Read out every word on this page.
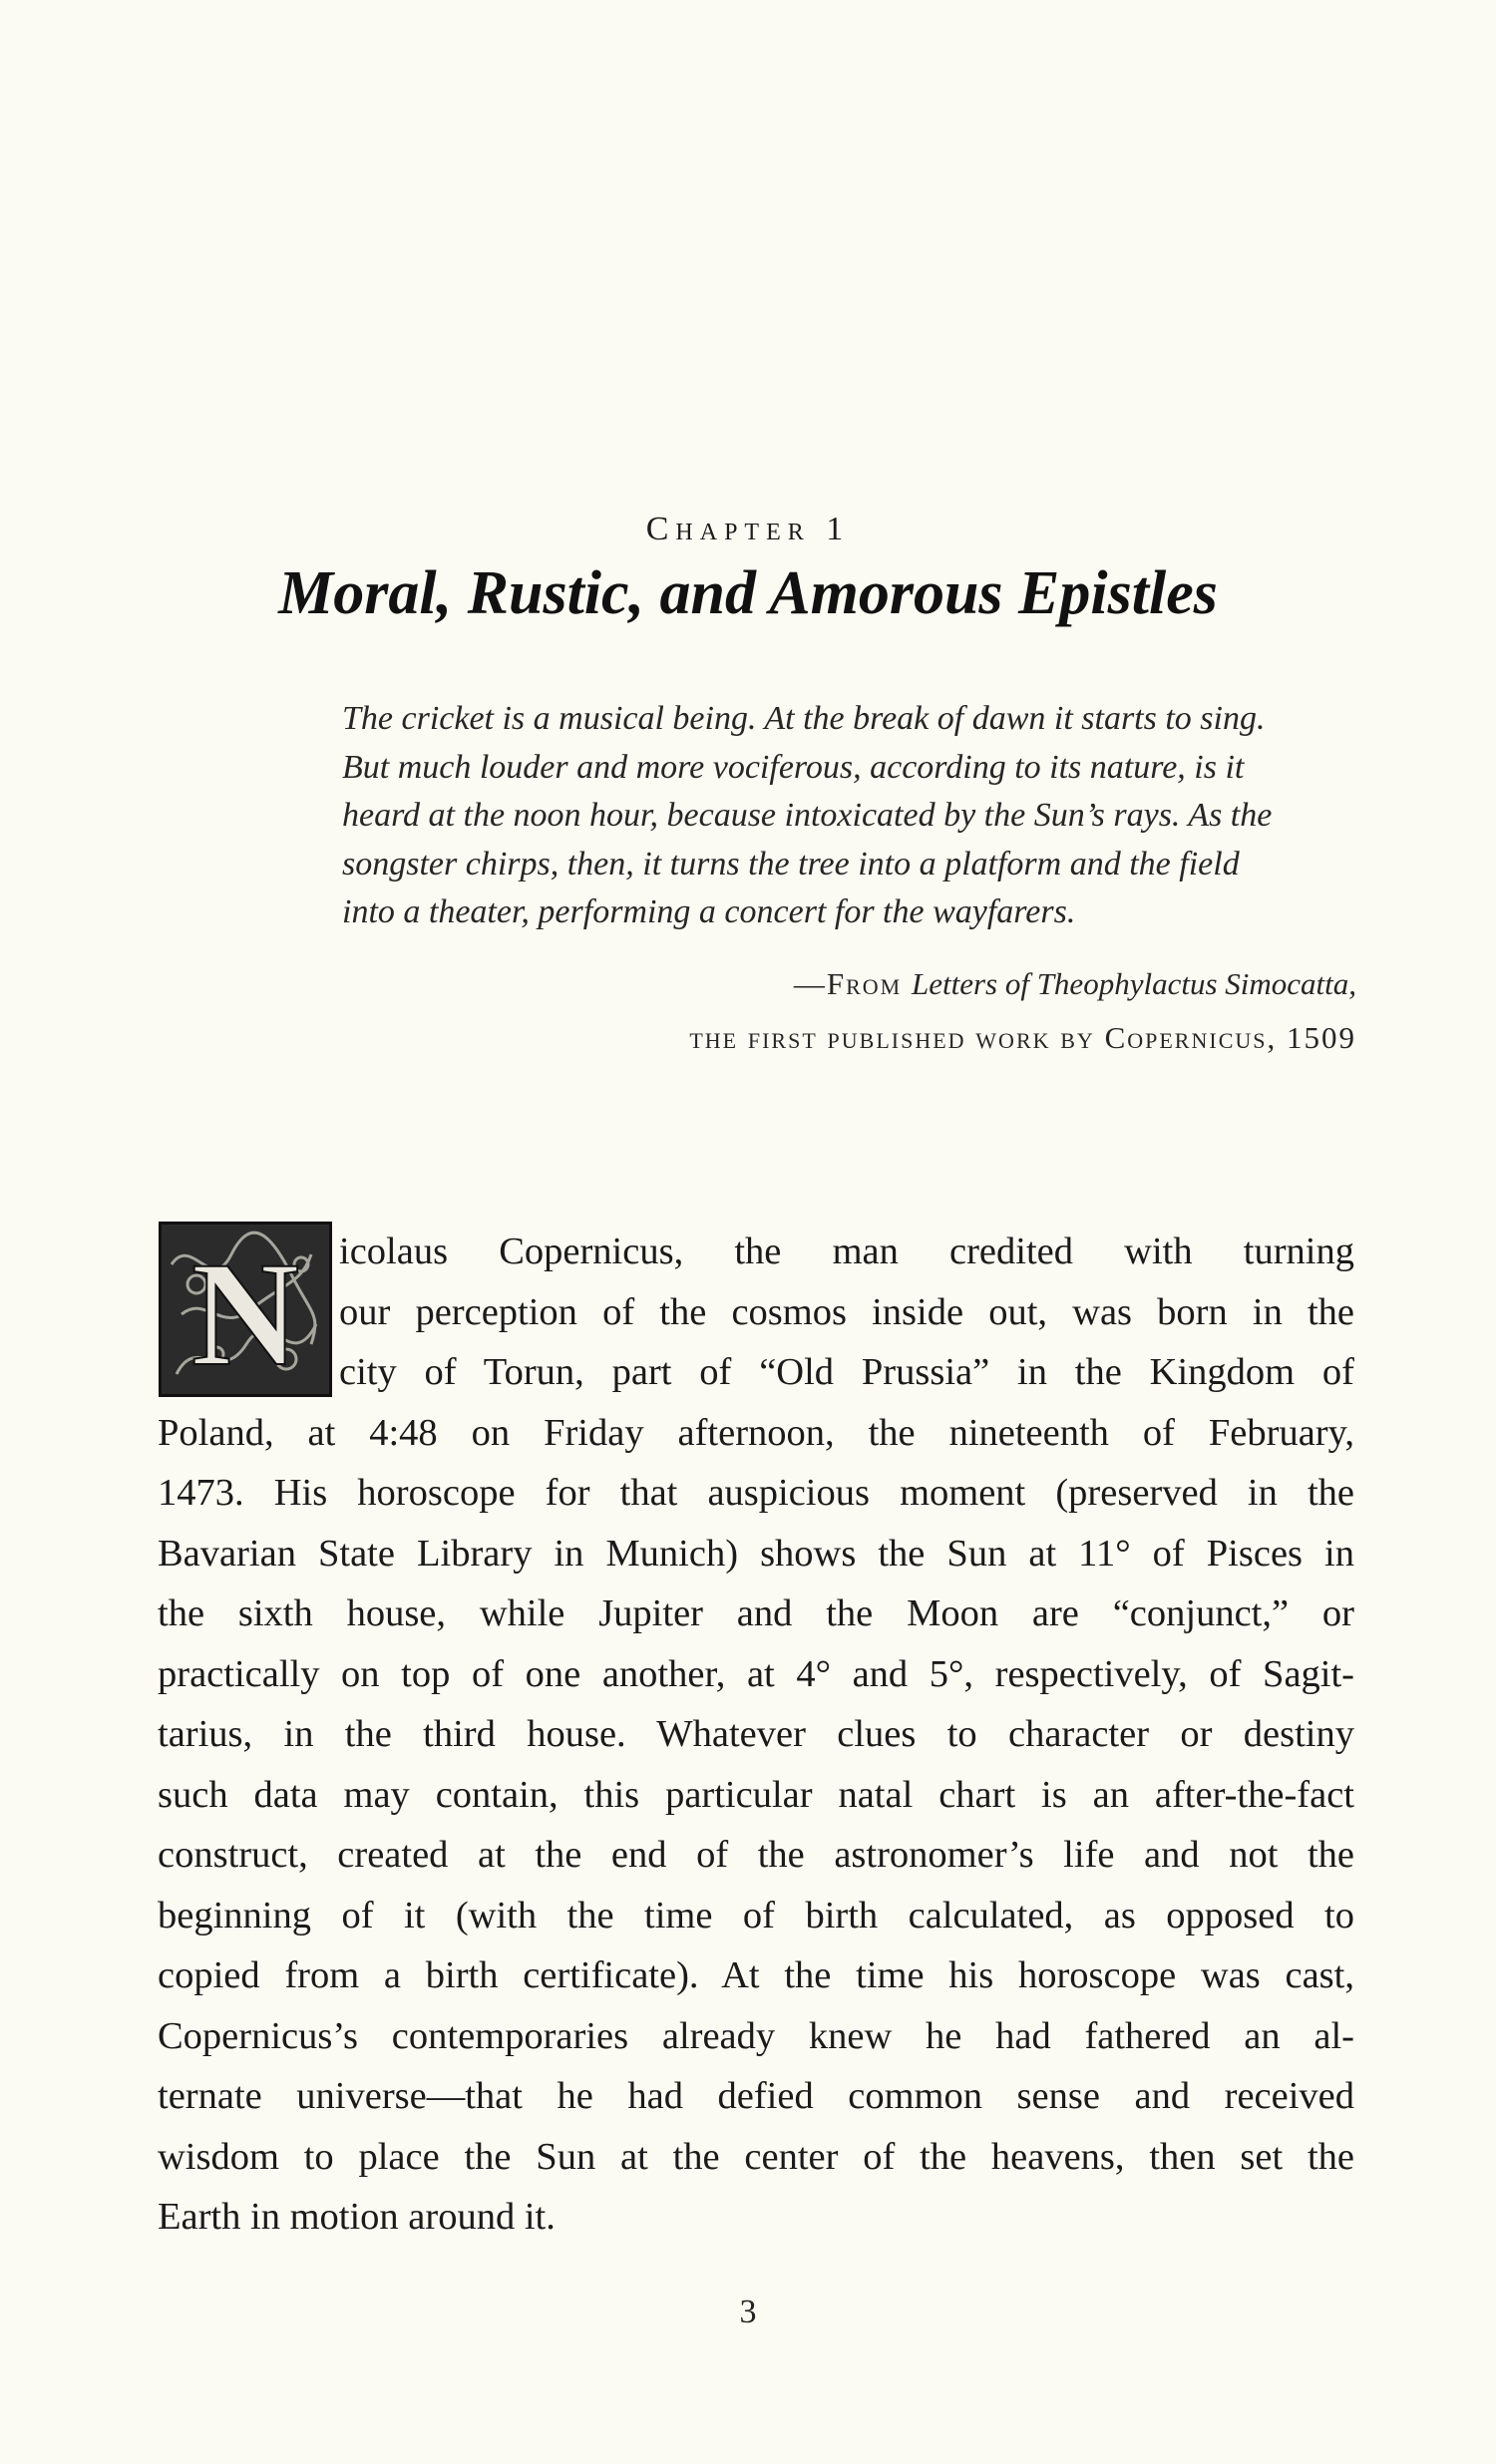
Chapter 1
Moral, Rustic, and Amorous Epistles
The cricket is a musical being. At the break of dawn it starts to sing.
But much louder and more vociferous, according to its nature, is it
heard at the noon hour, because intoxicated by the Sun’s rays. As the
songster chirps, then, it turns the tree into a platform and the field
into a theater, performing a concert for the wayfarers.
—From Letters of Theophylactus Simocatta,
the first published work by Copernicus, 1509
N	icolaus Copernicus, the man credited with turning
our perception of the cosmos inside out, was born in the
city of Torun, part of “Old Prussia” in the Kingdom of
Poland, at 4:48 on Friday afternoon, the nineteenth of February,
1473. His horoscope for that auspicious moment (preserved in the
Bavarian State Library in Munich) shows the Sun at 11° of Pisces in
the sixth house, while Jupiter and the Moon are “conjunct,” or
practically on top of one another, at 4° and 5°, respectively, of Sagit-
tarius, in the third house. Whatever clues to character or destiny
such data may contain, this particular natal chart is an after-the-fact
construct, created at the end of the astronomer’s life and not the
beginning of it (with the time of birth calculated, as opposed to
copied from a birth certificate). At the time his horoscope was cast,
Copernicus’s contemporaries already knew he had fathered an al-
ternate universe—that he had defied common sense and received
wisdom to place the Sun at the center of the heavens, then set the
Earth in motion around it.
3
